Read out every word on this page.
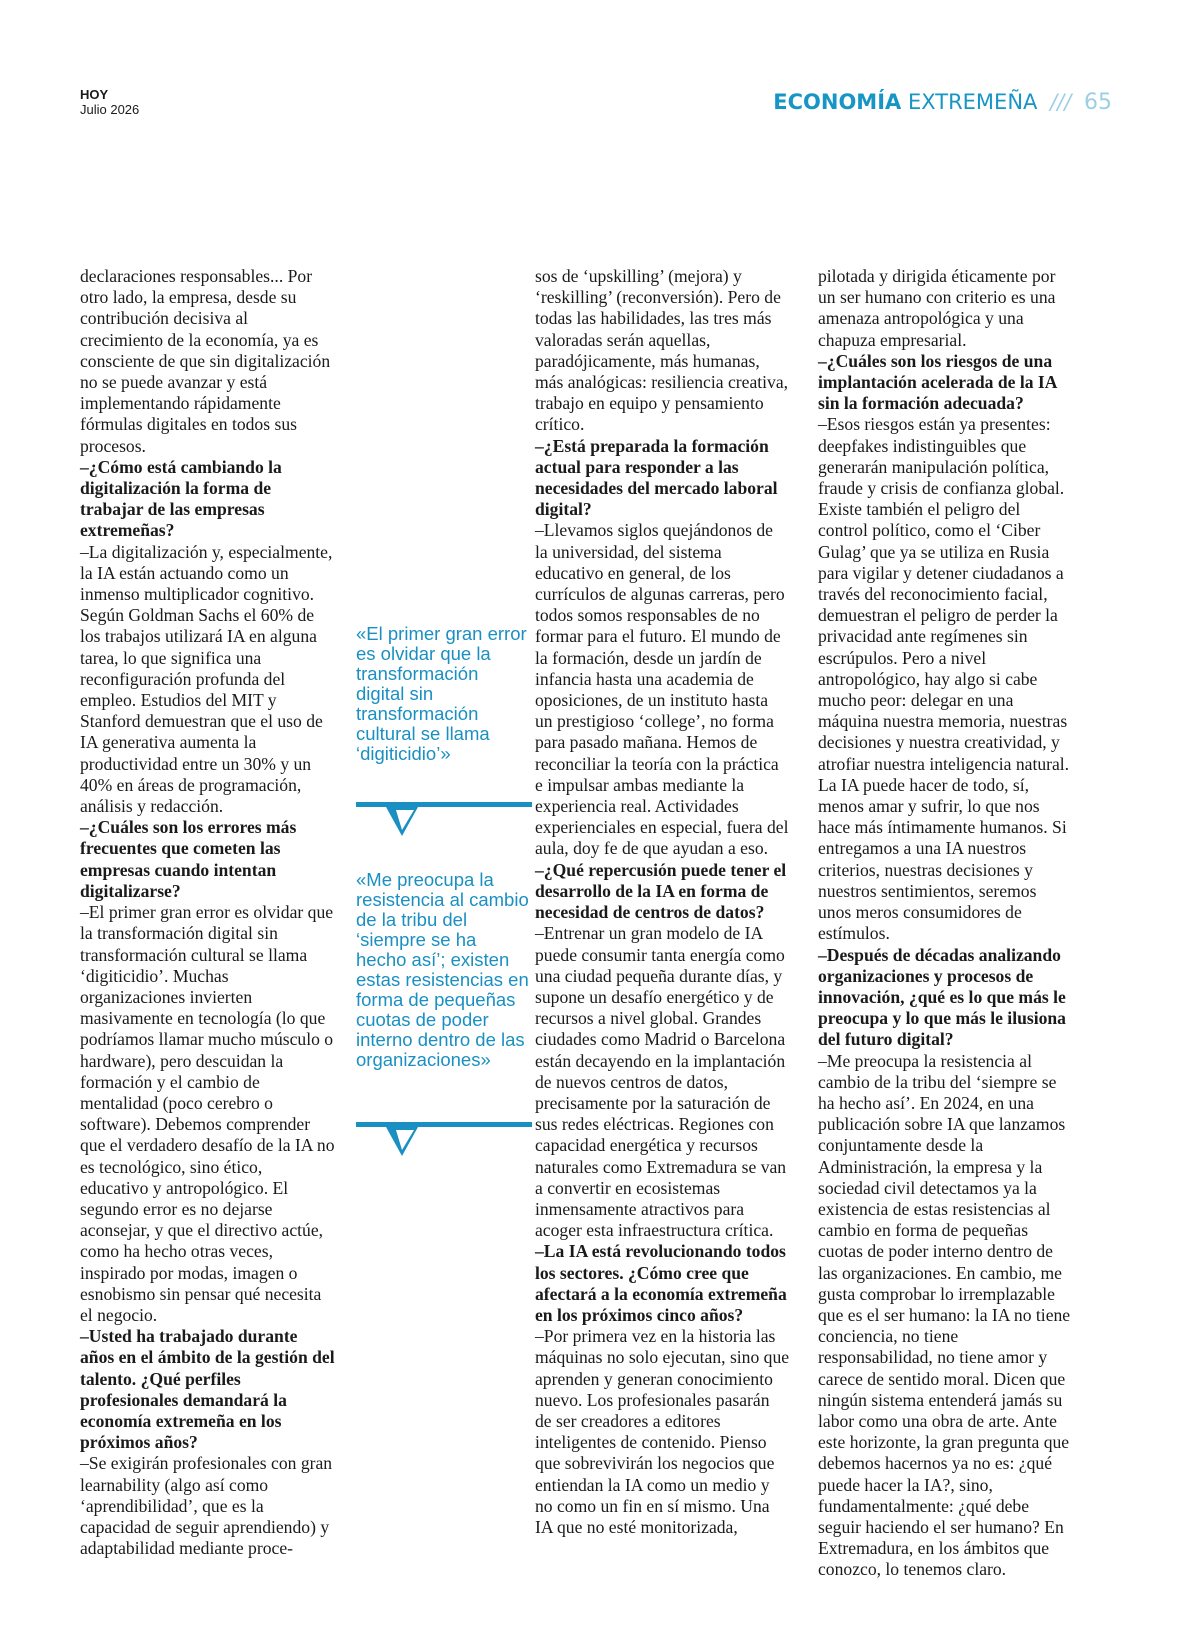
HOY
Julio 2026	ECONOMÍA EXTREMEÑA /// 65

declaraciones responsables... Por otro lado, la empresa, desde su contribución decisiva al crecimiento de la economía, ya es consciente de que sin digitalización no se puede avanzar y está implementando rápidamente fórmulas digitales en todos sus procesos.

–¿Cómo está cambiando la digitalización la forma de trabajar de las empresas extremeñas?

–La digitalización y, especialmente, la IA están actuando como un inmenso multiplicador cognitivo. Según Goldman Sachs el 60% de los trabajos utilizará IA en alguna tarea, lo que significa una reconfiguración profunda del empleo. Estudios del MIT y Stanford demuestran que el uso de IA generativa aumenta la productividad entre un 30% y un 40% en áreas de programación, análisis y redacción.

–¿Cuáles son los errores más frecuentes que cometen las empresas cuando intentan digitalizarse?

–El primer gran error es olvidar que la transformación digital sin transformación cultural se llama ‘digiticidio’. Muchas organizaciones invierten masivamente en tecnología (lo que podríamos llamar mucho músculo o hardware), pero descuidan la formación y el cambio de mentalidad (poco cerebro o software). Debemos comprender que el verdadero desafío de la IA no es tecnológico, sino ético, educativo y antropológico. El segundo error es no dejarse aconsejar, y que el directivo actúe, como ha hecho otras veces, inspirado por modas, imagen o esnobismo sin pensar qué necesita el negocio.

–Usted ha trabajado durante años en el ámbito de la gestión del talento. ¿Qué perfiles profesionales demandará la economía extremeña en los próximos años?

–Se exigirán profesionales con gran learnability (algo así como ‘aprendibilidad’, que es la capacidad de seguir aprendiendo) y adaptabilidad mediante proce-

sos de ‘upskilling’ (mejora) y ‘reskilling’ (reconversión). Pero de todas las habilidades, las tres más valoradas serán aquellas, paradójicamente, más humanas, más analógicas: resiliencia creativa, trabajo en equipo y pensamiento crítico.

–¿Está preparada la formación actual para responder a las necesidades del mercado laboral digital?

–Llevamos siglos quejándonos de la universidad, del sistema educativo en general, de los currículos de algunas carreras, pero todos somos responsables de no formar para el futuro. El mundo de la formación, desde un jardín de infancia hasta una academia de oposiciones, de un instituto hasta un prestigioso ‘college’, no forma para pasado mañana. Hemos de reconciliar la teoría con la práctica e impulsar ambas mediante la experiencia real. Actividades experienciales en especial, fuera del aula, doy fe de que ayudan a eso.

–¿Qué repercusión puede tener el desarrollo de la IA en forma de necesidad de centros de datos?

–Entrenar un gran modelo de IA puede consumir tanta energía como una ciudad pequeña durante días, y supone un desafío energético y de recursos a nivel global. Grandes ciudades como Madrid o Barcelona están decayendo en la implantación de nuevos centros de datos, precisamente por la saturación de sus redes eléctricas. Regiones con capacidad energética y recursos naturales como Extremadura se van a convertir en ecosistemas inmensamente atractivos para acoger esta infraestructura crítica.

–La IA está revolucionando todos los sectores. ¿Cómo cree que afectará a la economía extremeña en los próximos cinco años?

–Por primera vez en la historia las máquinas no solo ejecutan, sino que aprenden y generan conocimiento nuevo. Los profesionales pasarán de ser creadores a editores inteligentes de contenido. Pienso que sobrevivirán los negocios que entiendan la IA como un medio y no como un fin en sí mismo. Una IA que no esté monitorizada,

pilotada y dirigida éticamente por un ser humano con criterio es una amenaza antropológica y una chapuza empresarial.

–¿Cuáles son los riesgos de una implantación acelerada de la IA sin la formación adecuada?

–Esos riesgos están ya presentes: deepfakes indistinguibles que generarán manipulación política, fraude y crisis de confianza global. Existe también el peligro del control político, como el ‘Ciber Gulag’ que ya se utiliza en Rusia para vigilar y detener ciudadanos a través del reconocimiento facial, demuestran el peligro de perder la privacidad ante regímenes sin escrúpulos. Pero a nivel antropológico, hay algo si cabe mucho peor: delegar en una máquina nuestra memoria, nuestras decisiones y nuestra creatividad, y atrofiar nuestra inteligencia natural. La IA puede hacer de todo, sí, menos amar y sufrir, lo que nos hace más íntimamente humanos. Si entregamos a una IA nuestros criterios, nuestras decisiones y nuestros sentimientos, seremos unos meros consumidores de estímulos.

–Después de décadas analizando organizaciones y procesos de innovación, ¿qué es lo que más le preocupa y lo que más le ilusiona del futuro digital?

–Me preocupa la resistencia al cambio de la tribu del ‘siempre se ha hecho así’. En 2024, en una publicación sobre IA que lanzamos conjuntamente desde la Administración, la empresa y la sociedad civil detectamos ya la existencia de estas resistencias al cambio en forma de pequeñas cuotas de poder interno dentro de las organizaciones. En cambio, me gusta comprobar lo irremplazable que es el ser humano: la IA no tiene conciencia, no tiene responsabilidad, no tiene amor y carece de sentido moral. Dicen que ningún sistema entenderá jamás su labor como una obra de arte. Ante este horizonte, la gran pregunta que debemos hacernos ya no es: ¿qué puede hacer la IA?, sino, fundamentalmente: ¿qué debe seguir haciendo el ser humano? En Extremadura, en los ámbitos que conozco, lo tenemos claro.

«El primer gran error es olvidar que la transformación digital sin transformación cultural se llama ‘digiticidio’»
«Me preocupa la resistencia al cambio de la tribu del ‘siempre se ha hecho así’; existen estas resistencias en forma de pequeñas cuotas de poder interno dentro de las organizaciones»
